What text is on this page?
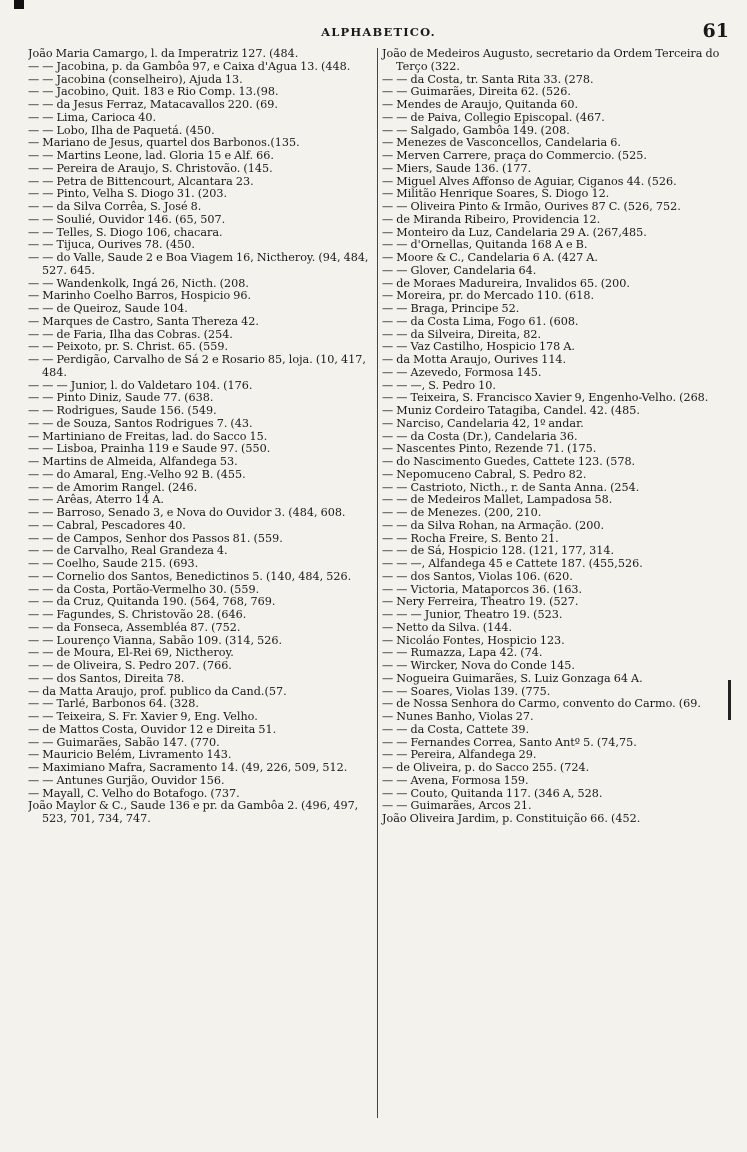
ALPHABETICO.	61
João Maria Camargo, l. da Imperatriz 127. (484.
— — Jacobina, p. da Gambôa 97, e Caixa d'Agua 13. (448.
— — Jacobina (conselheiro), Ajuda 13.
— — Jacobino, Quit. 183 e Rio Comp. 13.(98.
— — da Jesus Ferraz, Matacavallos 220. (69.
— — Lima, Carioca 40.
— — Lobo, Ilha de Paquetá. (450.
— Mariano de Jesus, quartel dos Barbonos.(135.
— — Martins Leone, lad. Gloria 15 e Alf. 66.
— — Pereira de Araujo, S. Christovão. (145.
— — Petra de Bittencourt, Alcantara 23.
— — Pinto, Velha S. Diogo 31. (203.
— — da Silva Corrêa, S. José 8.
— — Soulié, Ouvidor 146. (65, 507.
— — Telles, S. Diogo 106, chacara.
— — Tijuca, Ourives 78. (450.
— — do Valle, Saude 2 e Boa Viagem 16, Nictheroy. (94, 484, 527. 645.
— — Wandenkolk, Ingá 26, Nicth. (208.
— Marinho Coelho Barros, Hospicio 96.
— — de Queiroz, Saude 104.
— Marques de Castro, Santa Thereza 42.
— — de Faria, Ilha das Cobras. (254.
— — Peixoto, pr. S. Christ. 65. (559.
— — Perdigão, Carvalho de Sá 2 e Rosario 85, loja. (10, 417, 484.
— — — Junior, l. do Valdetaro 104. (176.
— — Pinto Diniz, Saude 77. (638.
— — Rodrigues, Saude 156. (549.
— — de Souza, Santos Rodrigues 7. (43.
— Martiniano de Freitas, lad. do Sacco 15.
— — Lisboa, Prainha 119 e Saude 97. (550.
— Martins de Almeida, Alfandega 53.
— — do Amaral, Eng.-Velho 92 B. (455.
— — de Amorim Rangel. (246.
— — Arêas, Aterro 14 A.
— — Barroso, Senado 3, e Nova do Ouvidor 3. (484, 608.
— — Cabral, Pescadores 40.
— — de Campos, Senhor dos Passos 81. (559.
— — de Carvalho, Real Grandeza 4.
— — Coelho, Saude 215. (693.
— — Cornelio dos Santos, Benedictinos 5. (140, 484, 526.
— — da Costa, Portão-Vermelho 30. (559.
— — da Cruz, Quitanda 190. (564, 768, 769.
— — Fagundes, S. Christovão 28. (646.
— — da Fonseca, Assembléa 87. (752.
— — Lourenço Vianna, Sabão 109. (314, 526.
— — de Moura, El-Rei 69, Nictheroy.
— — de Oliveira, S. Pedro 207. (766.
— — dos Santos, Direita 78.
— da Matta Araujo, prof. publico da Cand.(57.
— — Tarlé, Barbonos 64. (328.
— — Teixeira, S. Fr. Xavier 9, Eng. Velho.
— de Mattos Costa, Ouvidor 12 e Direita 51.
— — Guimarães, Sabão 147. (770.
— Mauricio Belém, Livramento 143.
— Maximiano Mafra, Sacramento 14. (49, 226, 509, 512.
— — Antunes Gurjão, Ouvidor 156.
— Mayall, C. Velho do Botafogo. (737.
João Maylor & C., Saude 136 e pr. da Gambôa 2. (496, 497, 523, 701, 734, 747.
João de Medeiros Augusto, secretario da Ordem Terceira do Terço (322.
— — da Costa, tr. Santa Rita 33. (278.
— — Guimarães, Direita 62. (526.
— Mendes de Araujo, Quitanda 60.
— — de Paiva, Collegio Episcopal. (467.
— — Salgado, Gambôa 149. (208.
— Menezes de Vasconcellos, Candelaria 6.
— Merven Carrere, praça do Commercio. (525.
— Miers, Saude 136. (177.
— Miguel Alves Affonso de Aguiar, Ciganos 44. (526.
— Militão Henrique Soares, S. Diogo 12.
— — Oliveira Pinto & Irmão, Ourives 87 C. (526, 752.
— de Miranda Ribeiro, Providencia 12.
— Monteiro da Luz, Candelaria 29 A. (267,485.
— — d'Ornellas, Quitanda 168 A e B.
— Moore & C., Candelaria 6 A. (427 A.
— — Glover, Candelaria 64.
— de Moraes Madureira, Invalidos 65. (200.
— Moreira, pr. do Mercado 110. (618.
— — Braga, Principe 52.
— — da Costa Lima, Fogo 61. (608.
— — da Silveira, Direita, 82.
— — Vaz Castilho, Hospicio 178 A.
— da Motta Araujo, Ourives 114.
— — Azevedo, Formosa 145.
— — —, S. Pedro 10.
— — Teixeira, S. Francisco Xavier 9, Engenho-Velho. (268.
— Muniz Cordeiro Tatagiba, Candel. 42. (485.
— Narciso, Candelaria 42, 1º andar.
— — da Costa (Dr.), Candelaria 36.
— Nascentes Pinto, Rezende 71. (175.
— do Nascimento Guedes, Cattete 123. (578.
— Nepomuceno Cabral, S. Pedro 82.
— — Castrioto, Nicth., r. de Santa Anna. (254.
— — de Medeiros Mallet, Lampadosa 58.
— — de Menezes. (200, 210.
— — da Silva Rohan, na Armação. (200.
— — Rocha Freire, S. Bento 21.
— — de Sá, Hospicio 128. (121, 177, 314.
— — —, Alfandega 45 e Cattete 187. (455,526.
— — dos Santos, Violas 106. (620.
— — Victoria, Mataporcos 36. (163.
— Nery Ferreira, Theatro 19. (527.
— — — Junior, Theatro 19. (523.
— Netto da Silva. (144.
— Nicoláo Fontes, Hospicio 123.
— — Rumazza, Lapa 42. (74.
— — Wircker, Nova do Conde 145.
— Nogueira Guimarães, S. Luiz Gonzaga 64 A.
— — Soares, Violas 139. (775.
— de Nossa Senhora do Carmo, convento do Carmo. (69.
— Nunes Banho, Violas 27.
— — da Costa, Cattete 39.
— — Fernandes Correa, Santo Antº 5. (74,75.
— — Pereira, Alfandega 29.
— de Oliveira, p. do Sacco 255. (724.
— — Avena, Formosa 159.
— — Couto, Quitanda 117. (346 A, 528.
— — Guimarães, Arcos 21.
João Oliveira Jardim, p. Constituição 66. (452.
